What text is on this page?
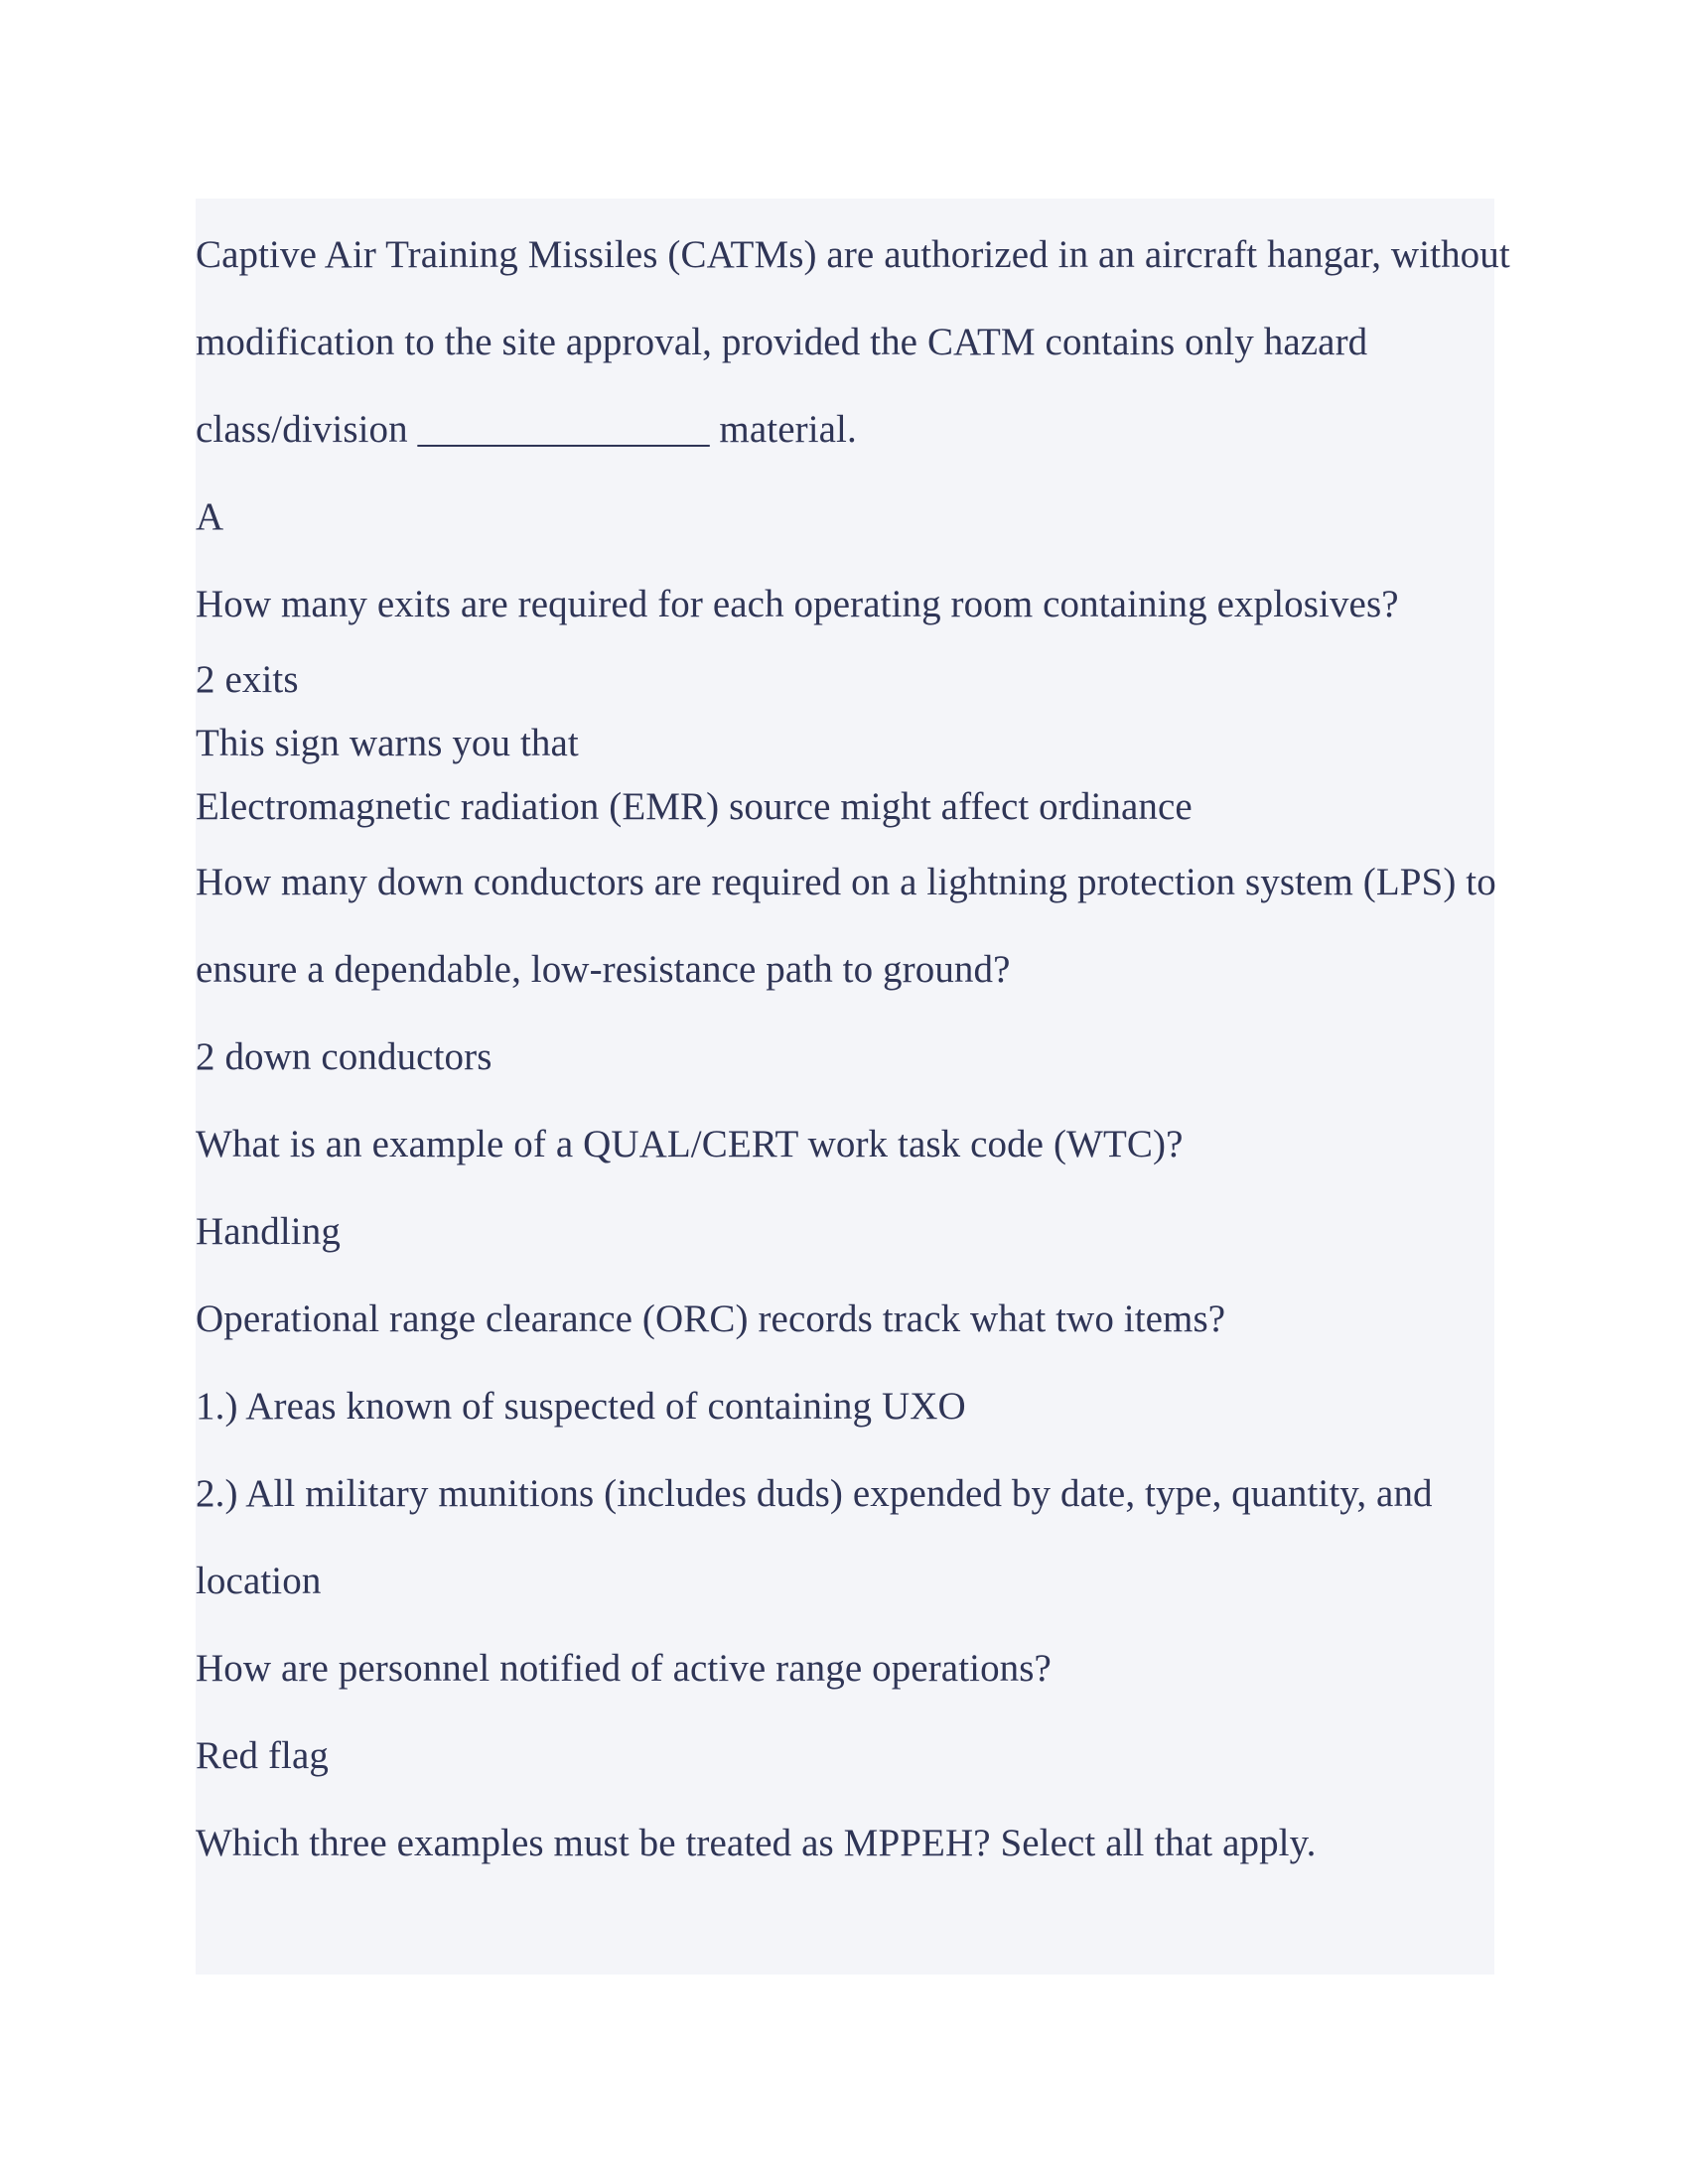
Captive Air Training Missiles (CATMs) are authorized in an aircraft hangar, without modification to the site approval, provided the CATM contains only hazard class/division _______________ material.

A

How many exits are required for each operating room containing explosives?

2 exits

This sign warns you that

Electromagnetic radiation (EMR) source might affect ordinance

How many down conductors are required on a lightning protection system (LPS) to ensure a dependable, low-resistance path to ground?

2 down conductors

What is an example of a QUAL/CERT work task code (WTC)?

Handling

Operational range clearance (ORC) records track what two items?

1.) Areas known of suspected of containing UXO

2.) All military munitions (includes duds) expended by date, type, quantity, and location

How are personnel notified of active range operations?

Red flag

Which three examples must be treated as MPPEH? Select all that apply.
